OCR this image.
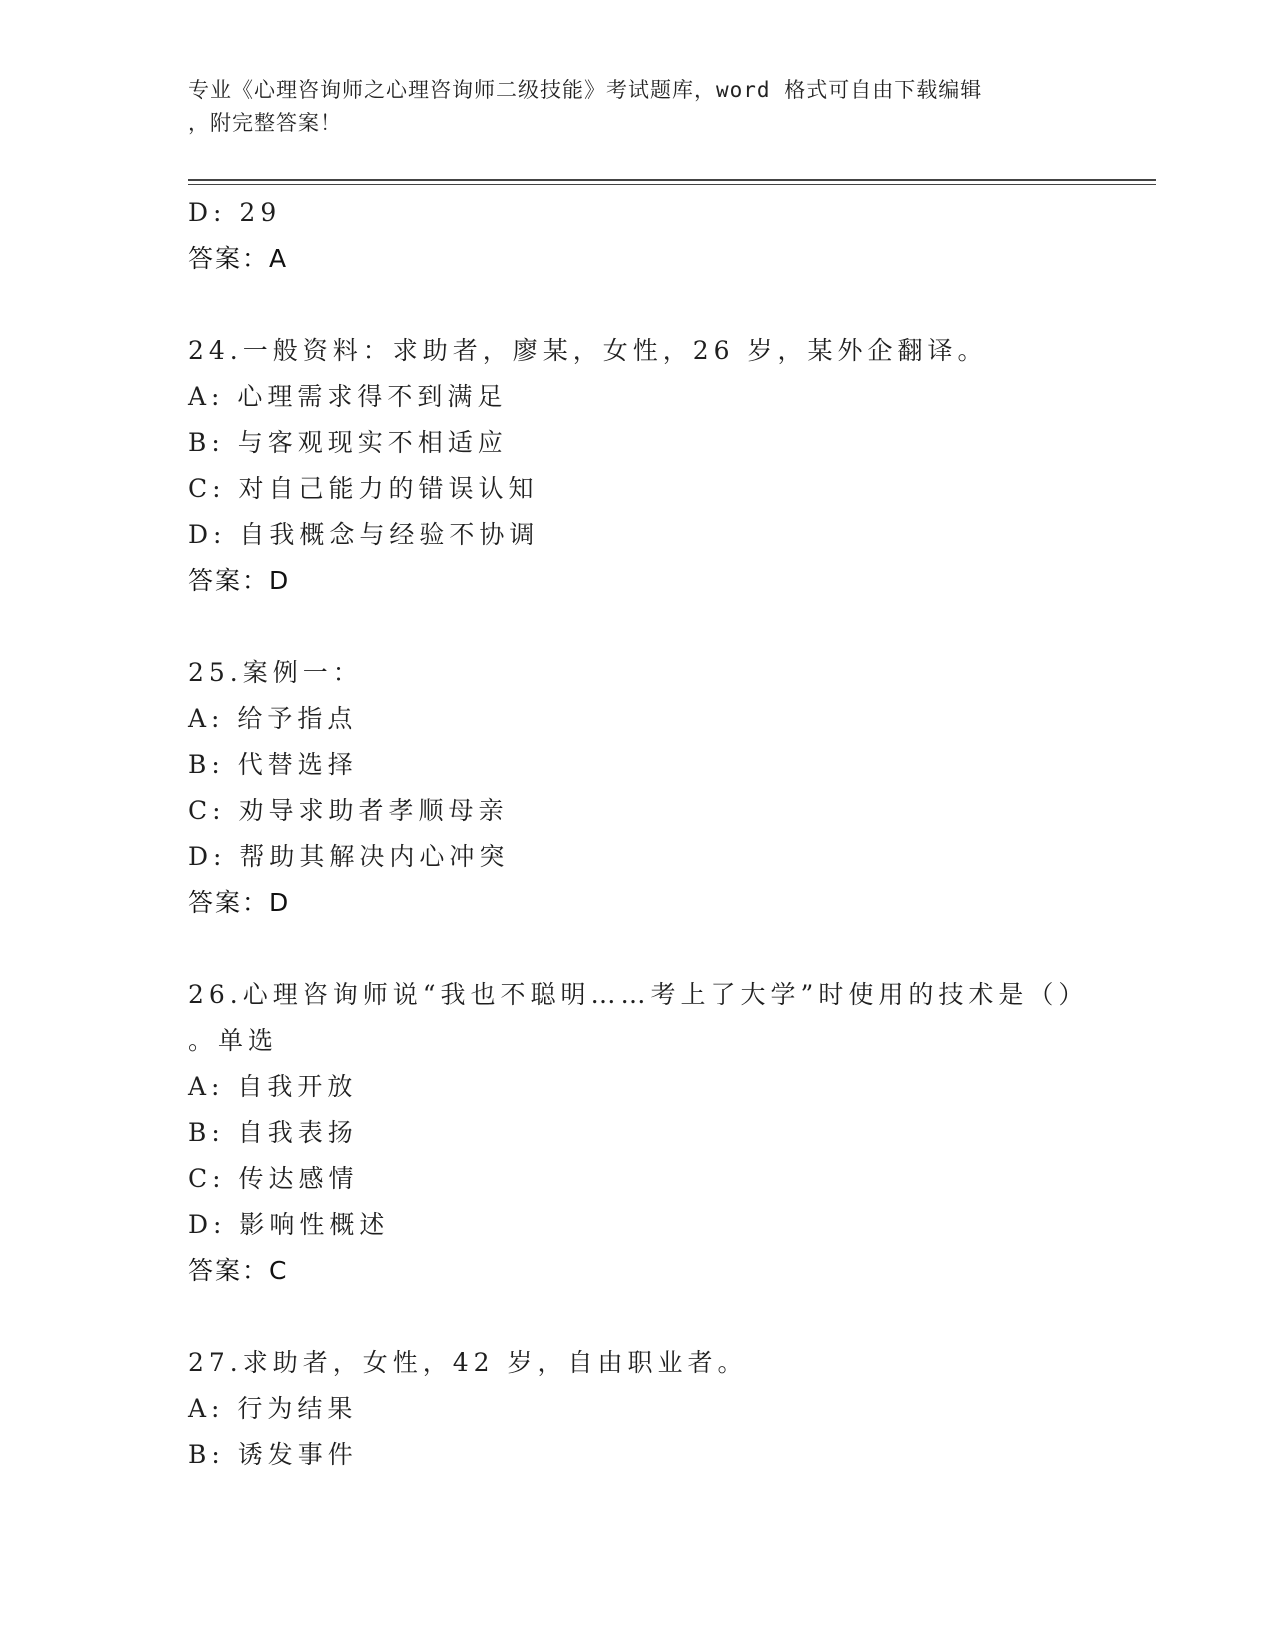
专业《心理咨询师之心理咨询师二级技能》考试题库，word 格式可自由下载编辑
，附完整答案！
D: 29
答案：A
24.一般资料：求助者，廖某，女性，26 岁，某外企翻译。
A: 心理需求得不到满足
B: 与客观现实不相适应
C: 对自己能力的错误认知
D: 自我概念与经验不协调
答案：D
25.案例一：
A: 给予指点
B: 代替选择
C: 劝导求助者孝顺母亲
D: 帮助其解决内心冲突
答案：D
26.心理咨询师说“我也不聪明……考上了大学”时使用的技术是（）
。单选
A: 自我开放
B: 自我表扬
C: 传达感情
D: 影响性概述
答案：C
27.求助者，女性，42 岁，自由职业者。
A: 行为结果
B: 诱发事件
